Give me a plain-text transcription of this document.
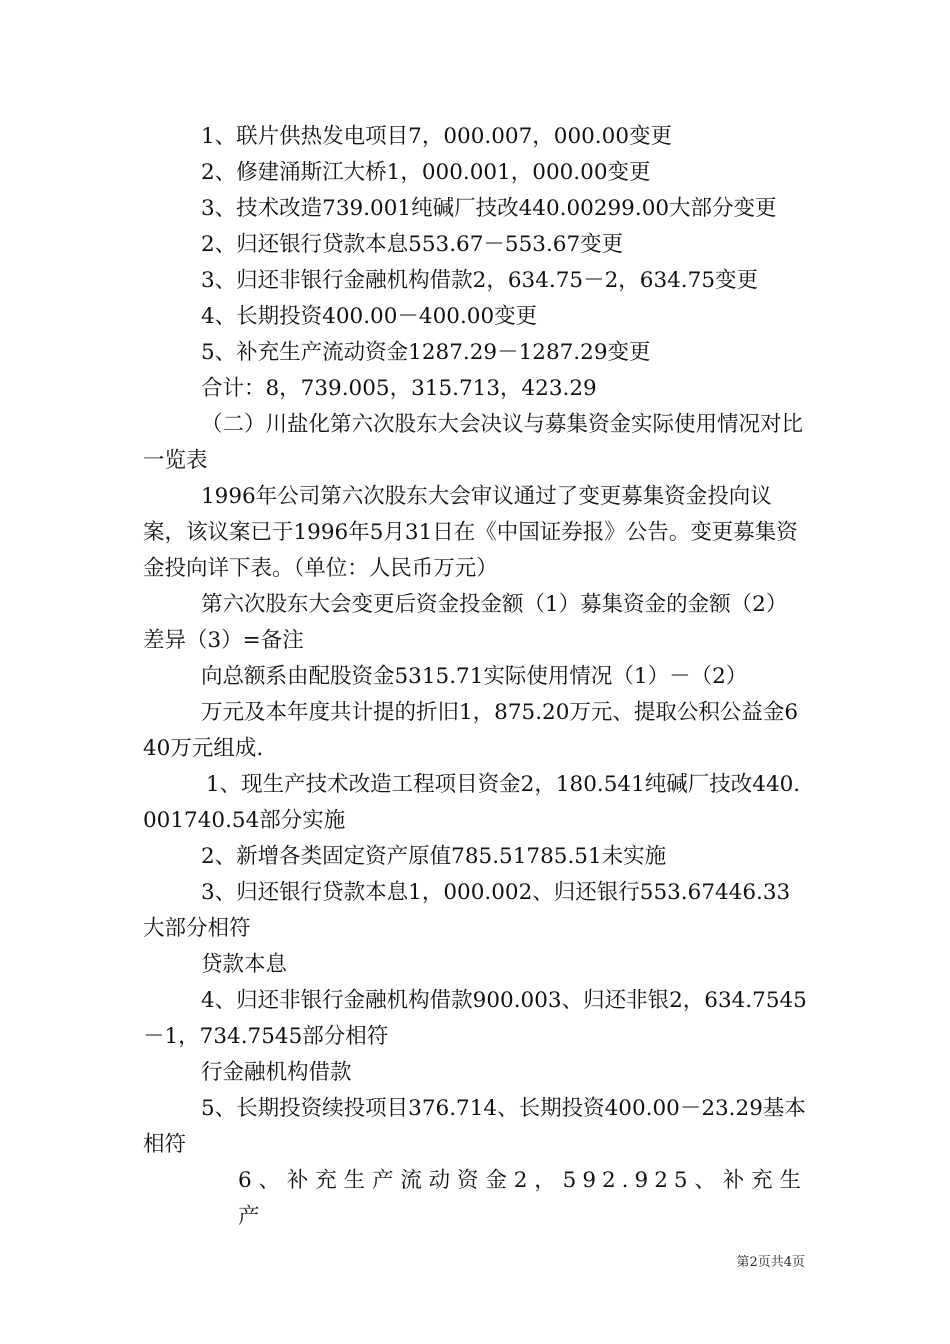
1、联片供热发电项目7，000.007，000.00变更

2、修建涌斯江大桥1，000.001，000.00变更

3、技术改造739.001纯碱厂技改440.00299.00大部分变更

2、归还银行贷款本息553.67－553.67变更

3、归还非银行金融机构借款2，634.75－2，634.75变更

4、长期投资400.00－400.00变更

5、补充生产流动资金1287.29－1287.29变更

合计：8，739.005，315.713，423.29

（二）川盐化第六次股东大会决议与募集资金实际使用情况对比一览表

1996年公司第六次股东大会审议通过了变更募集资金投向议案，该议案已于1996年5月31日在《中国证券报》公告。变更募集资金投向详下表。（单位：人民币万元）

第六次股东大会变更后资金投金额（1）募集资金的金额（2）差异（3）=备注

向总额系由配股资金5315.71实际使用情况（1）－（2）

万元及本年度共计提的折旧1，875.20万元、提取公积公益金640万元组成.

1、现生产技术改造工程项目资金2，180.541纯碱厂技改440.001740.54部分实施

2、新增各类固定资产原值785.51785.51未实施

3、归还银行贷款本息1，000.002、归还银行553.67446.33大部分相符

贷款本息

4、归还非银行金融机构借款900.003、归还非银2，634.7545－1，734.7545部分相符

行金融机构借款

5、长期投资续投项目376.714、长期投资400.00－23.29基本相符

6、补充生产流动资金2，592.925、补充生产

第2页共4页
